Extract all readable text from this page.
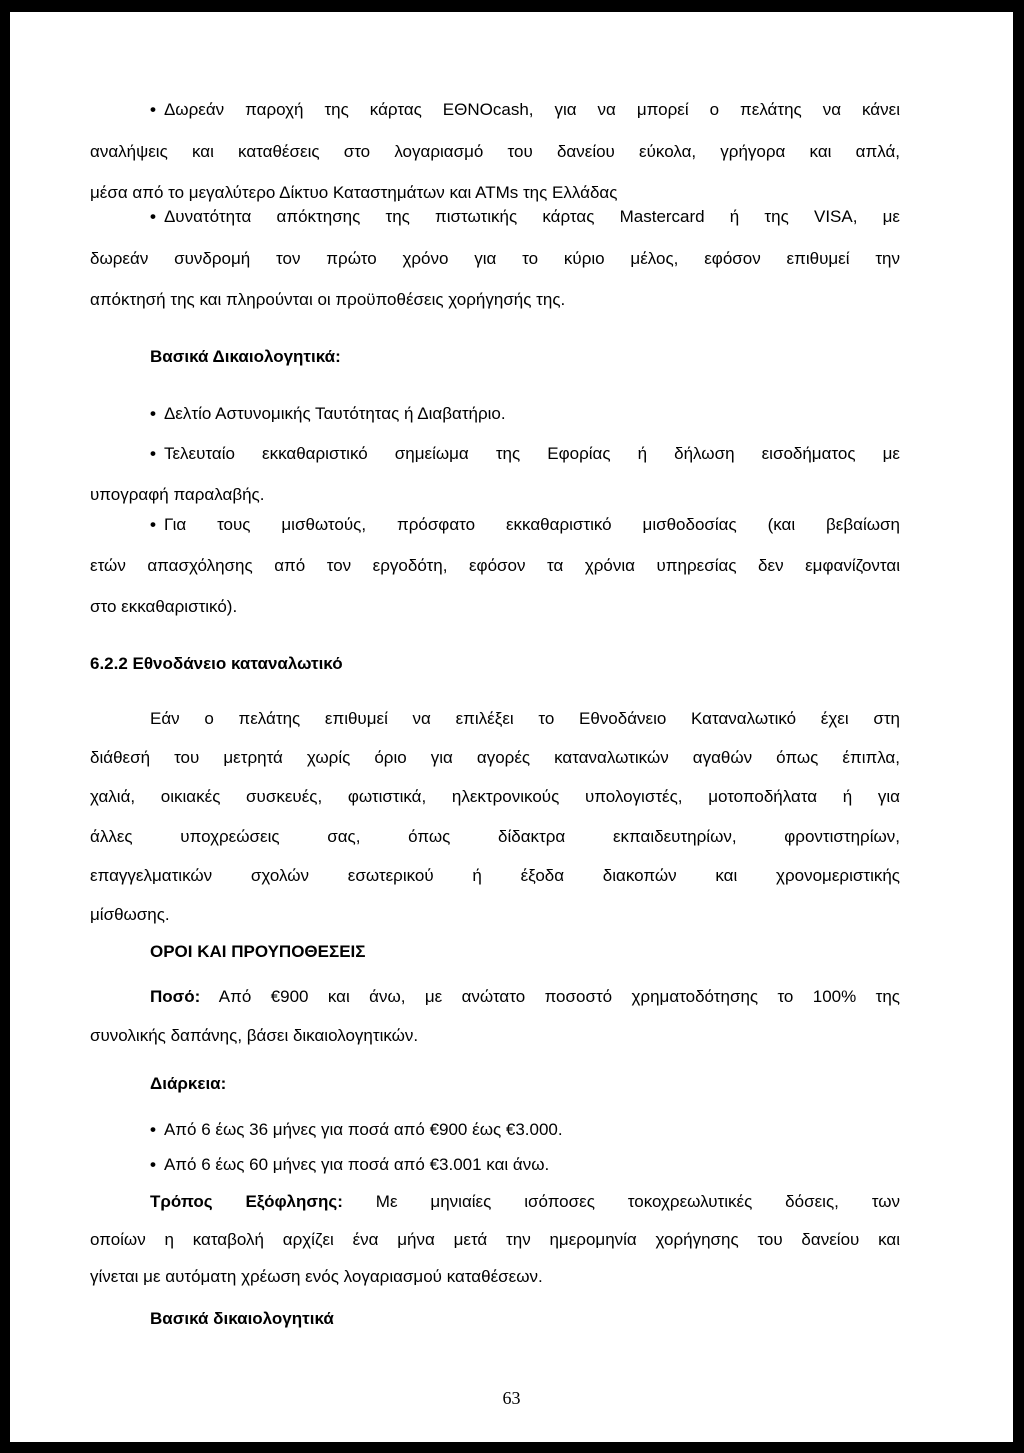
• Δωρεάν παροχή της κάρτας ΕΘΝΟcash, για να μπορεί ο πελάτης να κάνει
αναλήψεις και καταθέσεις στο λογαριασμό του δανείου εύκολα, γρήγορα και απλά,
μέσα από το μεγαλύτερο Δίκτυο Καταστημάτων και ΑΤΜs της Ελλάδας
• Δυνατότητα απόκτησης της πιστωτικής κάρτας Mastercard ή της VISA, με
δωρεάν συνδρομή τον πρώτο χρόνο για το κύριο μέλος, εφόσον επιθυμεί την
απόκτησή της και πληρούνται οι προϋποθέσεις χορήγησής της.
Βασικά Δικαιολογητικά:
• Δελτίο Αστυνομικής Ταυτότητας ή Διαβατήριο.
• Τελευταίο εκκαθαριστικό σημείωμα της Εφορίας ή δήλωση εισοδήματος με
υπογραφή παραλαβής.
• Για τους μισθωτούς, πρόσφατο εκκαθαριστικό μισθοδοσίας (και βεβαίωση
ετών απασχόλησης από τον εργοδότη, εφόσον τα χρόνια υπηρεσίας δεν εμφανίζονται
στο εκκαθαριστικό).
6.2.2 Εθνοδάνειο καταναλωτικό
Εάν ο πελάτης επιθυμεί να επιλέξει το Εθνοδάνειο Καταναλωτικό έχει στη
διάθεσή του μετρητά χωρίς όριο για αγορές καταναλωτικών αγαθών όπως έπιπλα,
χαλιά, οικιακές συσκευές, φωτιστικά, ηλεκτρονικούς υπολογιστές, μοτοποδήλατα ή για
άλλες υποχρεώσεις σας, όπως δίδακτρα εκπαιδευτηρίων, φροντιστηρίων,
επαγγελματικών σχολών εσωτερικού ή έξοδα διακοπών και χρονομεριστικής
μίσθωσης.
ΟΡΟΙ ΚΑΙ ΠΡΟΥΠΟΘΕΣΕΙΣ
Ποσό: Από €900 και άνω, με ανώτατο ποσοστό χρηματοδότησης το 100% της
συνολικής δαπάνης, βάσει δικαιολογητικών.
Διάρκεια:
• Από 6 έως 36 μήνες για ποσά από €900 έως €3.000.
• Από 6 έως 60 μήνες για ποσά από €3.001 και άνω.
Τρόπος Εξόφλησης: Με μηνιαίες ισόποσες τοκοχρεωλυτικές δόσεις, των
οποίων η καταβολή αρχίζει ένα μήνα μετά την ημερομηνία χορήγησης του δανείου και
γίνεται με αυτόματη χρέωση ενός λογαριασμού καταθέσεων.
Βασικά δικαιολογητικά
63
